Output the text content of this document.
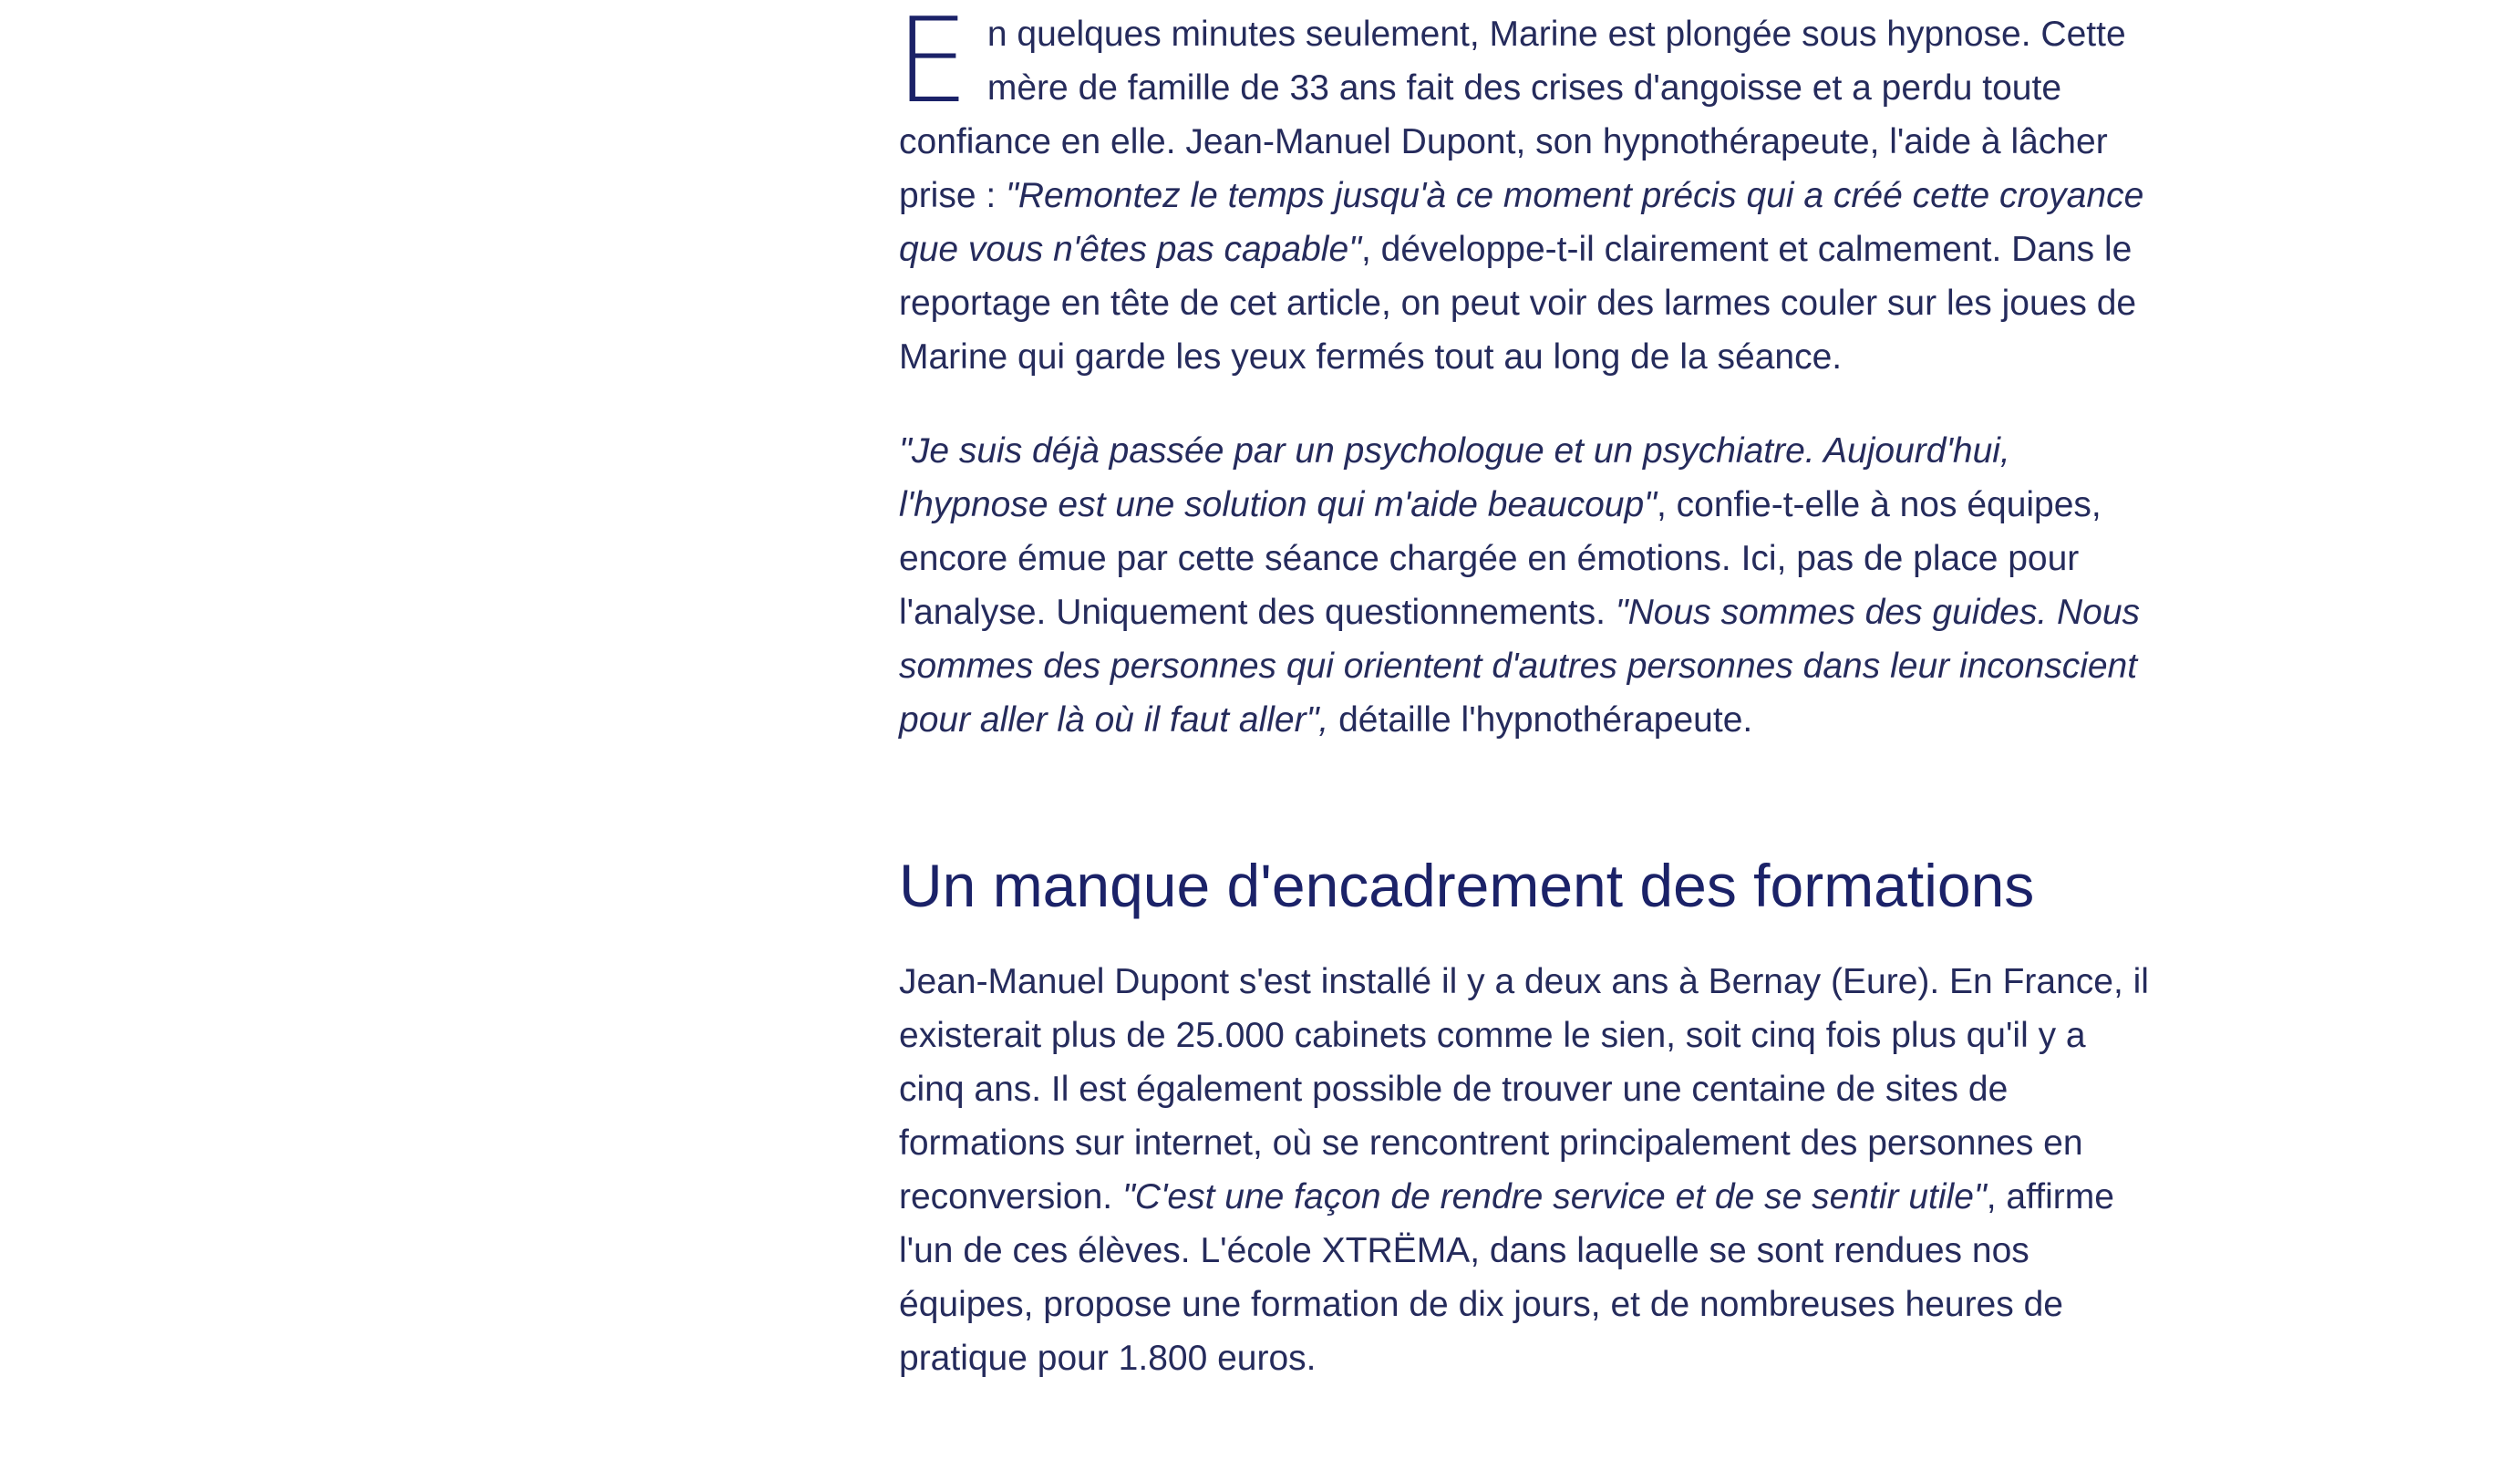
En quelques minutes seulement, Marine est plongée sous hypnose. Cette mère de famille de 33 ans fait des crises d'angoisse et a perdu toute confiance en elle. Jean-Manuel Dupont, son hypnothérapeute, l'aide à lâcher prise : "Remontez le temps jusqu'à ce moment précis qui a créé cette croyance que vous n'êtes pas capable", développe-t-il clairement et calmement. Dans le reportage en tête de cet article, on peut voir des larmes couler sur les joues de Marine qui garde les yeux fermés tout au long de la séance.

"Je suis déjà passée par un psychologue et un psychiatre. Aujourd'hui, l'hypnose est une solution qui m'aide beaucoup", confie-t-elle à nos équipes, encore émue par cette séance chargée en émotions. Ici, pas de place pour l'analyse. Uniquement des questionnements. "Nous sommes des guides. Nous sommes des personnes qui orientent d'autres personnes dans leur inconscient pour aller là où il faut aller", détaille l'hypnothérapeute.

Un manque d'encadrement des formations

Jean-Manuel Dupont s'est installé il y a deux ans à Bernay (Eure). En France, il existerait plus de 25.000 cabinets comme le sien, soit cinq fois plus qu'il y a cinq ans. Il est également possible de trouver une centaine de sites de formations sur internet, où se rencontrent principalement des personnes en reconversion. "C'est une façon de rendre service et de se sentir utile", affirme l'un de ces élèves. L'école XTRËMA, dans laquelle se sont rendues nos équipes, propose une formation de dix jours, et de nombreuses heures de pratique pour 1.800 euros.
